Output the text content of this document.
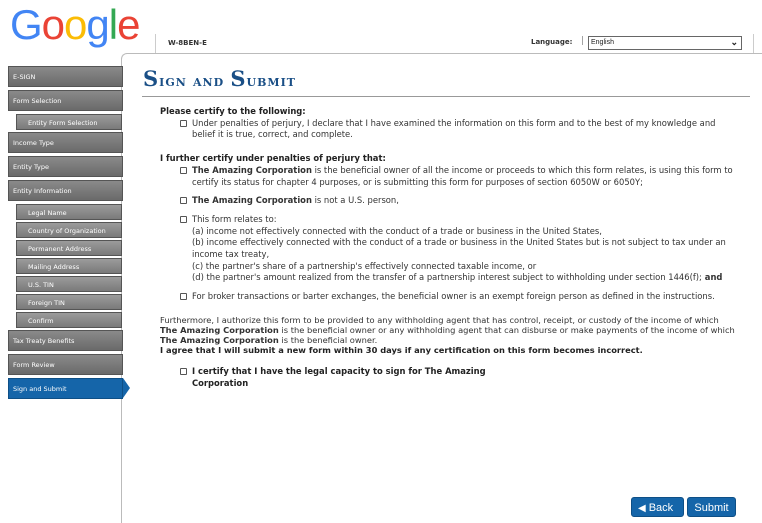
Google	W-8BEN-E	Language: | English	⌄
E-SIGN
Form Selection
Entity Form Selection
Income Type
Entity Type
Entity Information
Legal Name
Country of Organization
Permanent Address
Mailing Address
U.S. TIN
Foreign TIN
Confirm
Tax Treaty Benefits
Form Review
Sign and Submit
Sign and Submit

Please certify to the following:

Under penalties of perjury, I declare that I have examined the information on this form and to the best of my knowledge and belief it is true, correct, and complete.

I further certify under penalties of perjury that:

The Amazing Corporation is the beneficial owner of all the income or proceeds to which this form relates, is using this form to certify its status for chapter 4 purposes, or is submitting this form for purposes of section 6050W or 6050Y;

The Amazing Corporation is not a U.S. person,

This form relates to:
(a) income not effectively connected with the conduct of a trade or business in the United States,
(b) income effectively connected with the conduct of a trade or business in the United States but is not subject to tax under an income tax treaty,
(c) the partner's share of a partnership's effectively connected taxable income, or
(d) the partner's amount realized from the transfer of a partnership interest subject to withholding under section 1446(f); and

For broker transactions or barter exchanges, the beneficial owner is an exempt foreign person as defined in the instructions.

Furthermore, I authorize this form to be provided to any withholding agent that has control, receipt, or custody of the income of which The Amazing Corporation is the beneficial owner or any withholding agent that can disburse or make payments of the income of which The Amazing Corporation is the beneficial owner.
I agree that I will submit a new form within 30 days if any certification on this form becomes incorrect.

I certify that I have the legal capacity to sign for The Amazing Corporation

◀ Back	Submit
